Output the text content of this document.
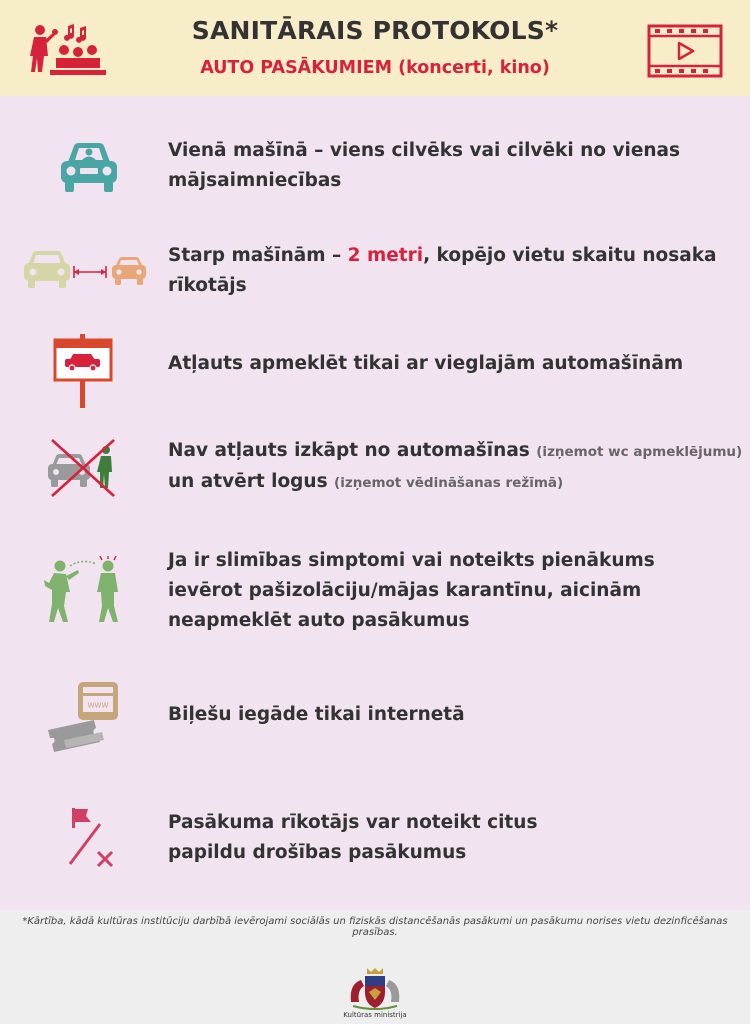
SANITĀRAIS PROTOKOLS*
AUTO PASĀKUMIEM (koncerti, kino)
Vienā mašīnā – viens cilvēks vai cilvēki no vienas
mājsaimniecības
Starp mašīnām – 2 metri, kopējo vietu skaitu nosaka
rīkotājs
Atļauts apmeklēt tikai ar vieglajām automašīnām
Nav atļauts izkāpt no automašīnas (izņemot wc apmeklējumu)
un atvērt logus (izņemot vēdināšanas režīmā)
Ja ir slimības simptomi vai noteikts pienākums
ievērot pašizolāciju/mājas karantīnu, aicinām
neapmeklēt auto pasākumus
WWW	Biļešu iegāde tikai internetā
Pasākuma rīkotājs var noteikt citus
papildu drošības pasākumus
*Kārtība, kādā kultūras institūciju darbībā ievērojami sociālās un fiziskās distancēšanās pasākumi un pasākumu norises vietu dezinficēšanas prasības.
Kultūras ministrija
